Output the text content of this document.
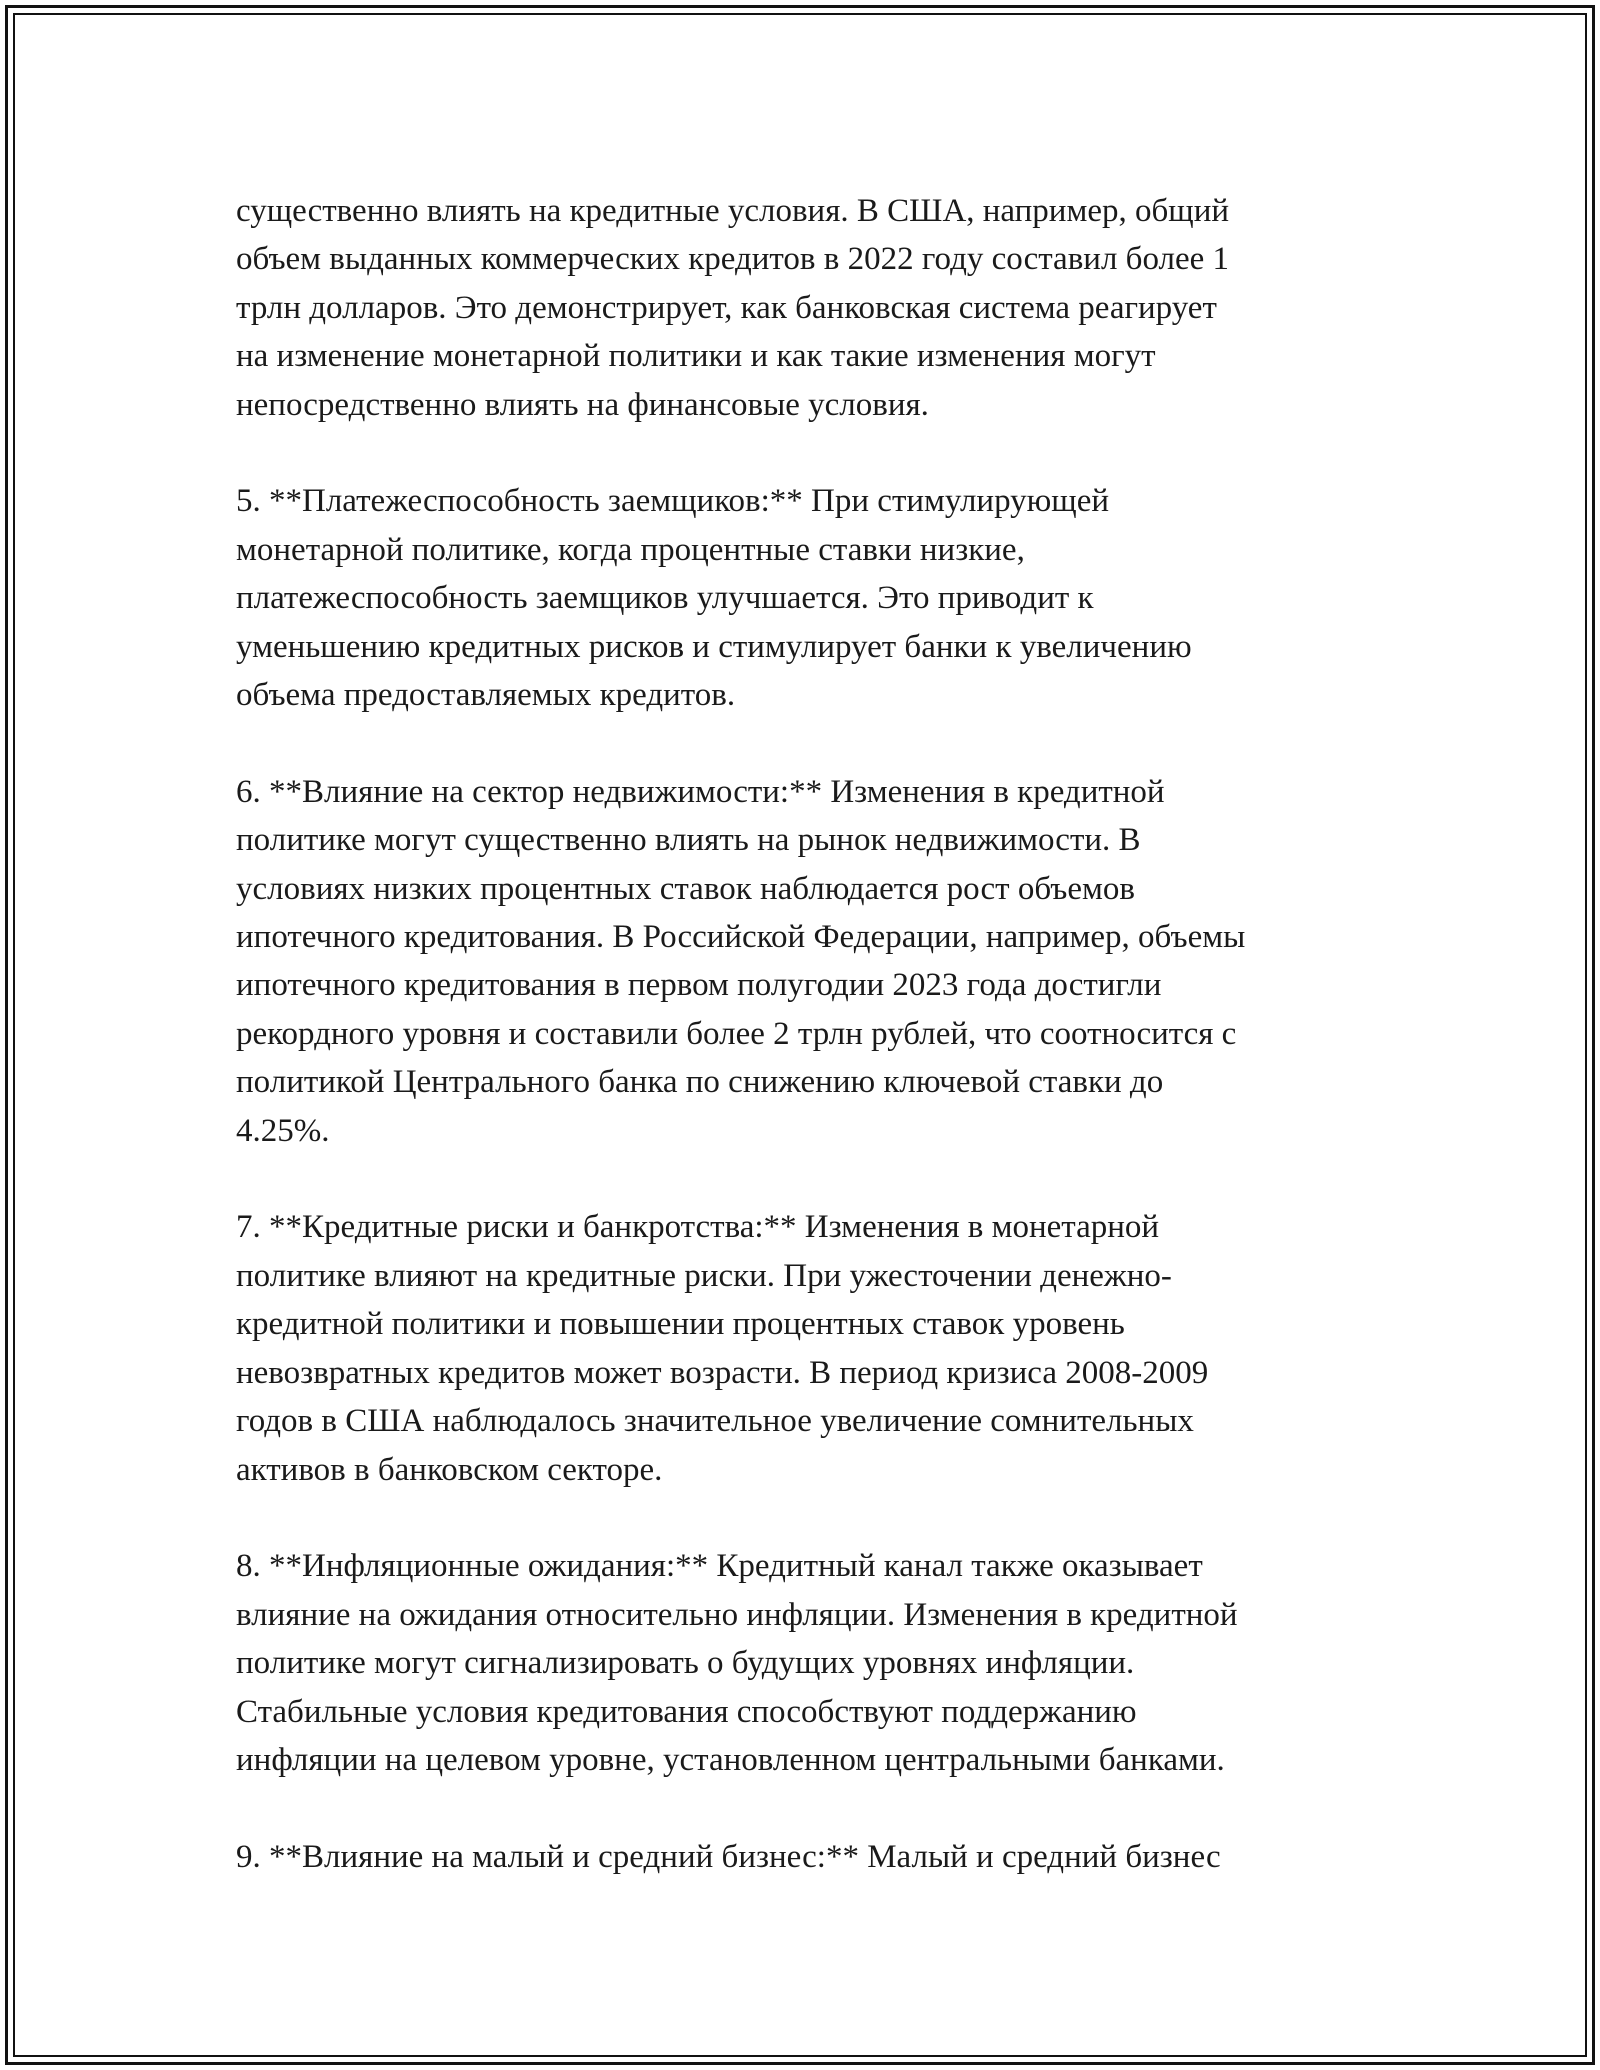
существенно влиять на кредитные условия. В США, например, общий
объем выданных коммерческих кредитов в 2022 году составил более 1
трлн долларов. Это демонстрирует, как банковская система реагирует
на изменение монетарной политики и как такие изменения могут
непосредственно влиять на финансовые условия.

5. **Платежеспособность заемщиков:** При стимулирующей
монетарной политике, когда процентные ставки низкие,
платежеспособность заемщиков улучшается. Это приводит к
уменьшению кредитных рисков и стимулирует банки к увеличению
объема предоставляемых кредитов.

6. **Влияние на сектор недвижимости:** Изменения в кредитной
политике могут существенно влиять на рынок недвижимости. В
условиях низких процентных ставок наблюдается рост объемов
ипотечного кредитования. В Российской Федерации, например, объемы
ипотечного кредитования в первом полугодии 2023 года достигли
рекордного уровня и составили более 2 трлн рублей, что соотносится с
политикой Центрального банка по снижению ключевой ставки до
4.25%.

7. **Кредитные риски и банкротства:** Изменения в монетарной
политике влияют на кредитные риски. При ужесточении денежно-
кредитной политики и повышении процентных ставок уровень
невозвратных кредитов может возрасти. В период кризиса 2008-2009
годов в США наблюдалось значительное увеличение сомнительных
активов в банковском секторе.

8. **Инфляционные ожидания:** Кредитный канал также оказывает
влияние на ожидания относительно инфляции. Изменения в кредитной
политике могут сигнализировать о будущих уровнях инфляции.
Стабильные условия кредитования способствуют поддержанию
инфляции на целевом уровне, установленном центральными банками.

9. **Влияние на малый и средний бизнес:** Малый и средний бизнес
